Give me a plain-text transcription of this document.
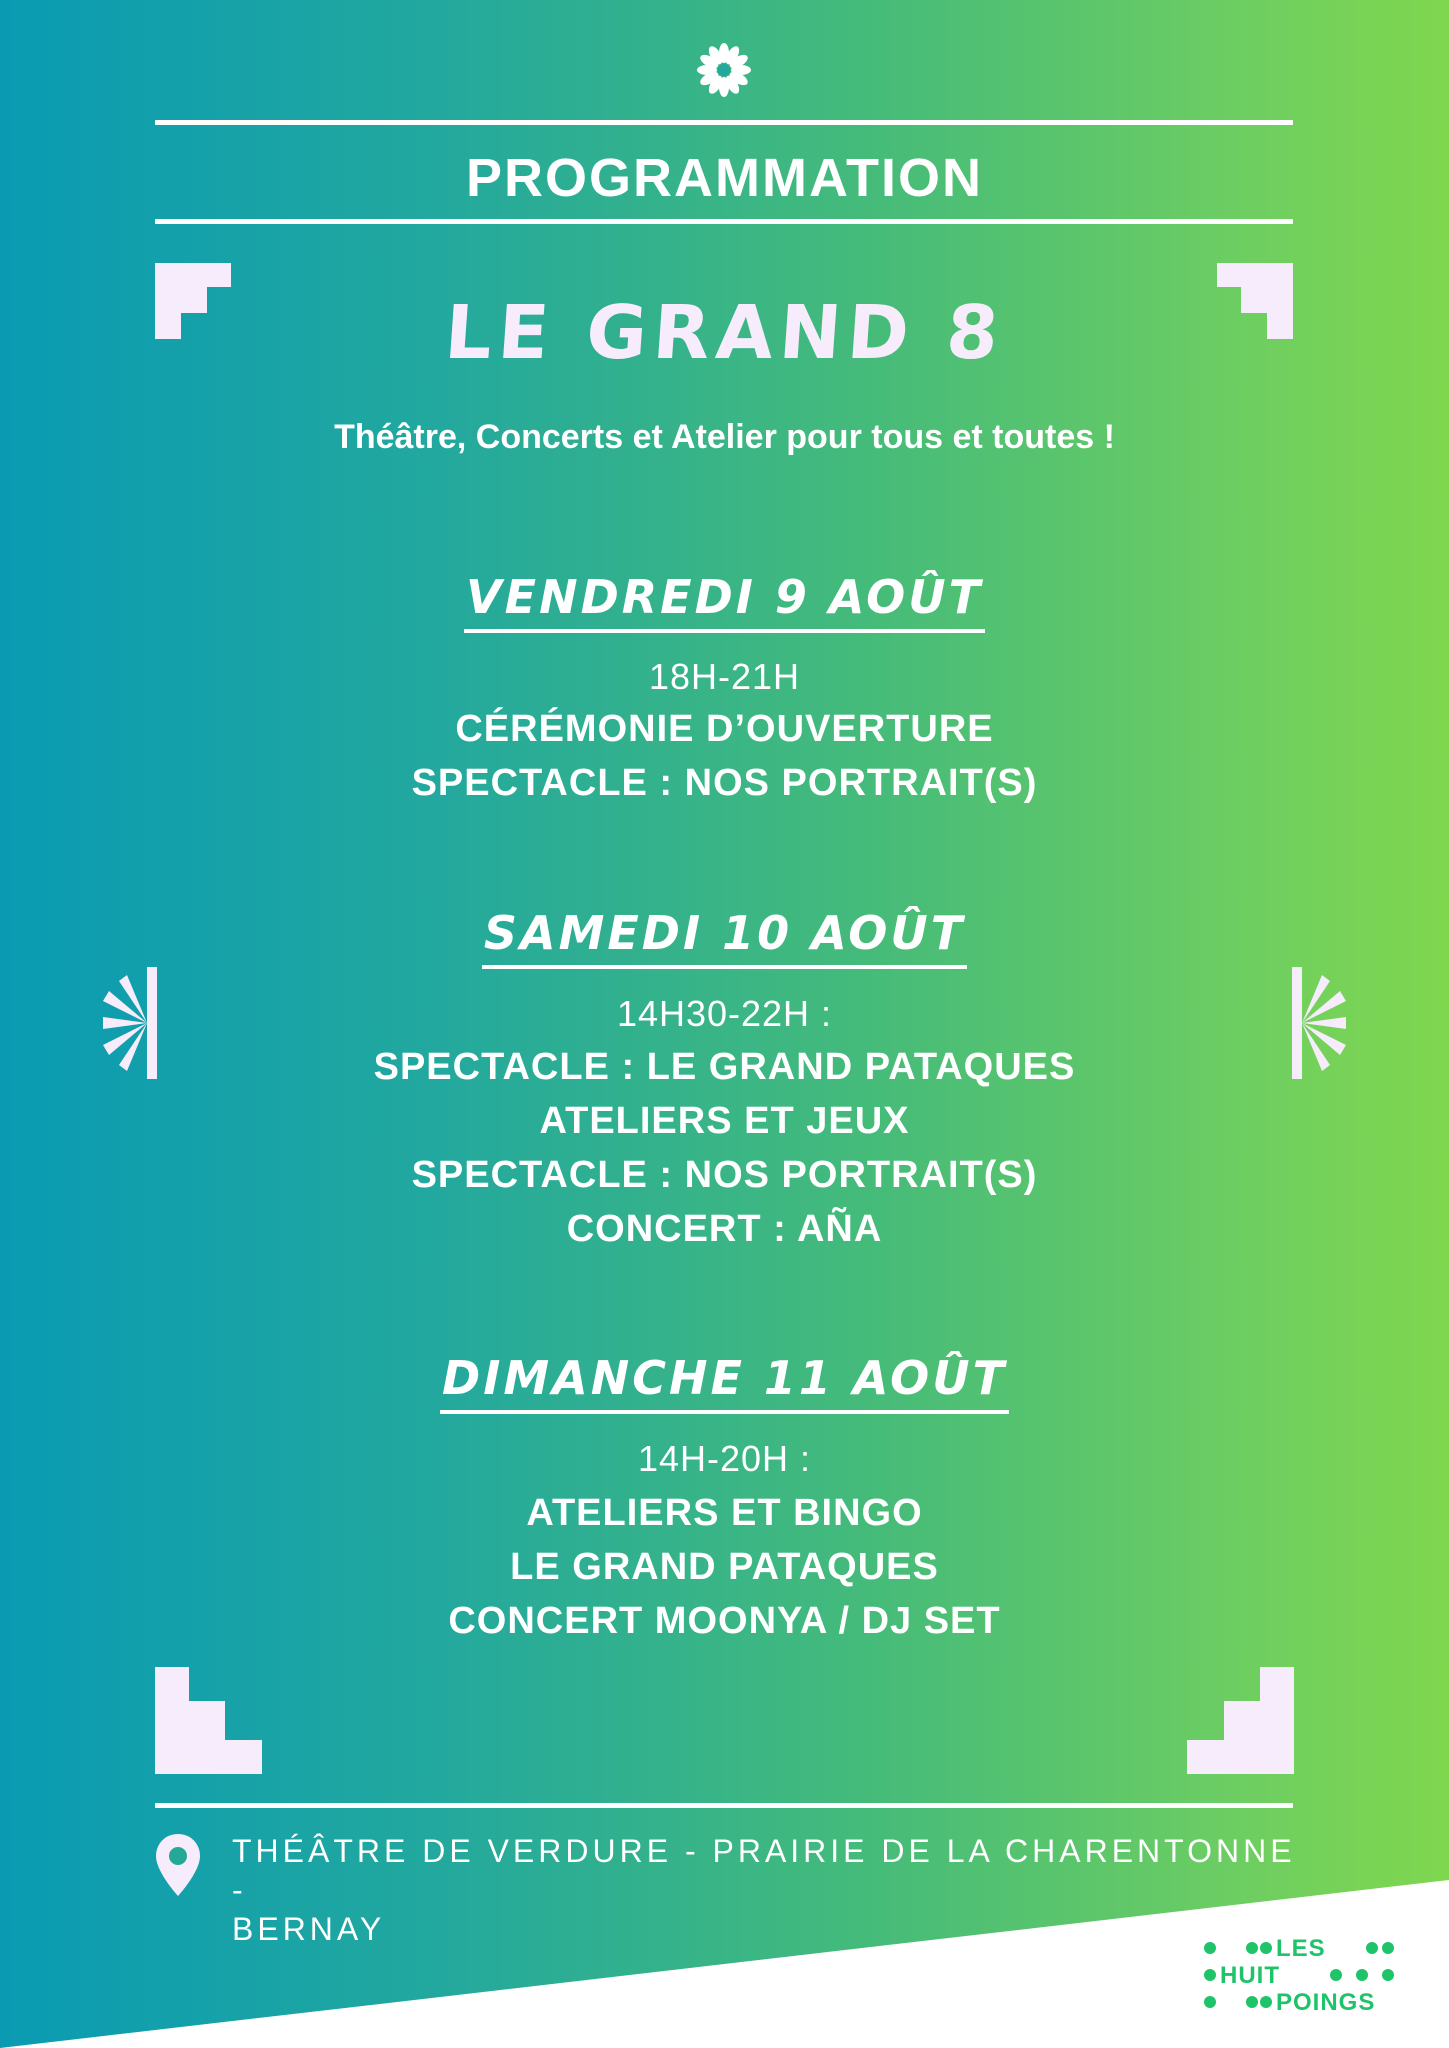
PROGRAMMATION
LE GRAND 8
Théâtre, Concerts et Atelier pour tous et toutes !
VENDREDI 9 AOÛT
18H-21H
CÉRÉMONIE D’OUVERTURE
SPECTACLE : NOS PORTRAIT(S)
SAMEDI 10 AOÛT
14H30-22H :
SPECTACLE : LE GRAND PATAQUES
ATELIERS ET JEUX
SPECTACLE : NOS PORTRAIT(S)
CONCERT : AÑA
DIMANCHE 11 AOÛT
14H-20H :
ATELIERS ET BINGO
LE GRAND PATAQUES
CONCERT MOONYA / DJ SET
THÉÂTRE DE VERDURE - PRAIRIE DE LA CHARENTONNE -
BERNAY
LES
HUIT
POINGS
